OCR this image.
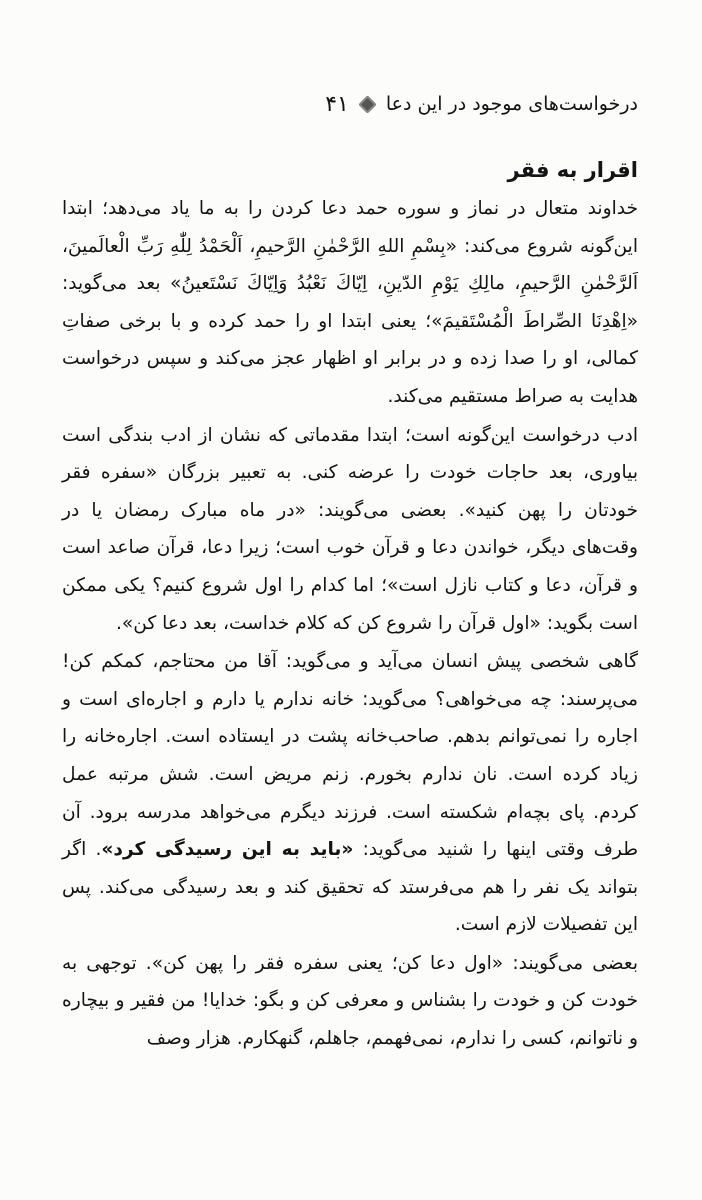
درخواست‌های موجود در این دعا
۴۱
اقرار به فقر

خداوند متعال در نماز و سوره حمد دعا کردن را به ما یاد می‌دهد؛ ابتدا این‌گونه شروع می‌کند: «بِسْمِ اللهِ الرَّحْمٰنِ الرَّحیمِ، اَلْحَمْدُ لِلّٰهِ رَبِّ الْعالَمینَ، اَلرَّحْمٰنِ الرَّحیمِ، مالِكِ یَوْمِ الدّینِ، اِیّاكَ نَعْبُدُ وَاِیّاكَ نَسْتَعینُ» بعد می‌گوید: «اِهْدِنَا الصِّراطَ الْمُسْتَقیمَ»؛ یعنی ابتدا او را حمد کرده و با برخی صفاتِ کمالی، او را صدا زده و در برابر او اظهار عجز می‌کند و سپس درخواست هدایت به صراط مستقیم می‌کند.

ادب درخواست این‌گونه است؛ ابتدا مقدماتی که نشان از ادب بندگی است بیاوری، بعد حاجات خودت را عرضه کنی. به تعبیر بزرگان «سفره فقر خودتان را پهن کنید». بعضی می‌گویند: «در ماه مبارک رمضان یا در وقت‌های دیگر، خواندن دعا و قرآن خوب است؛ زیرا دعا، قرآن صاعد است و قرآن، دعا و کتاب نازل است»؛ اما کدام را اول شروع کنیم؟ یکی ممکن است بگوید: «اول قرآن را شروع کن که کلام خداست، بعد دعا کن».

گاهی شخصی پیش انسان می‌آید و می‌گوید: آقا من محتاجم، کمکم کن! می‌پرسند: چه می‌خواهی؟ می‌گوید: خانه ندارم یا دارم و اجاره‌ای است و اجاره را نمی‌توانم بدهم. صاحب‌خانه پشت در ایستاده است. اجاره‌خانه را زیاد کرده است. نان ندارم بخورم. زنم مریض است. شش مرتبه عمل کردم. پای بچه‌ام شکسته است. فرزند دیگرم می‌خواهد مدرسه برود. آن طرف وقتی اینها را شنید می‌گوید: «باید به این رسیدگی کرد». اگر بتواند یک نفر را هم می‌فرستد که تحقیق کند و بعد رسیدگی می‌کند. پس این تفصیلات لازم است.

بعضی می‌گویند: «اول دعا کن؛ یعنی سفره فقر را پهن کن». توجهی به خودت کن و خودت را بشناس و معرفی کن و بگو: خدایا! من فقیر و بیچاره و ناتوانم، کسی را ندارم، نمی‌فهمم، جاهلم، گنهکارم. هزار وصف
